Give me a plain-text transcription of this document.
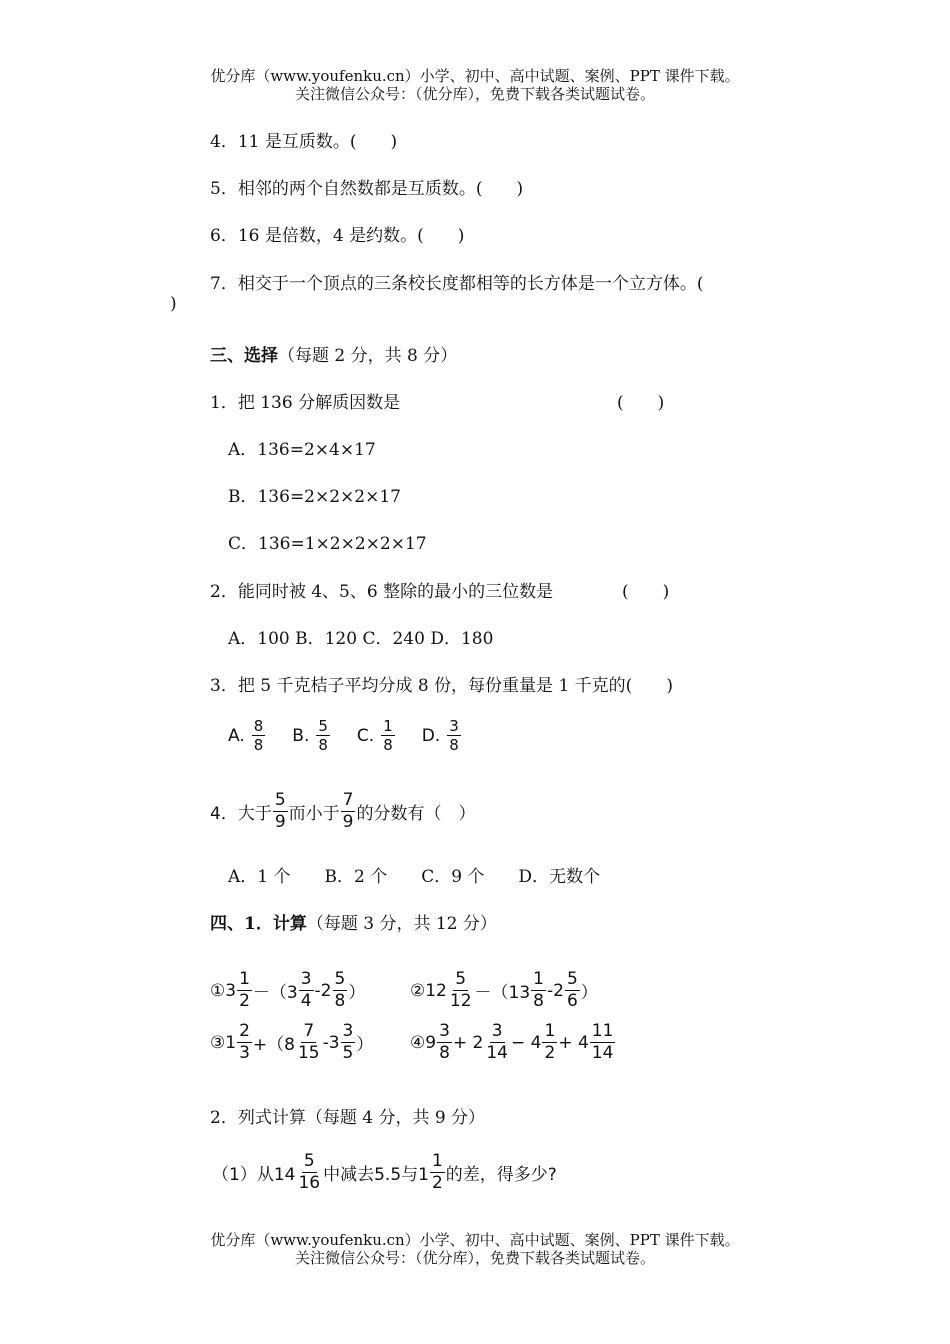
优分库（www.youfenku.cn）小学、初中、高中试题、案例、PPT 课件下载。
关注微信公众号：（优分库），免费下载各类试题试卷。
4．11 是互质数。(　　)
5．相邻的两个自然数都是互质数。(　　)
6．16 是倍数，4 是约数。(　　)
7．相交于一个顶点的三条校长度都相等的长方体是一个立方体。(
)
三、选择（每题 2 分，共 8 分）
1．把 136 分解质因数是	(　　)
A．136=2×4×17
B．136=2×2×2×17
C．136=1×2×2×2×17
2．能同时被 4、5、6 整除的最小的三位数是	(　　)
A．100 B．120 C．240 D．180
3．把 5 千克桔子平均分成 8 份，每份重量是 1 千克的(　　)
A. $\frac{8}{8} B$. $\frac{5}{8} C$. $\frac{1}{8} D$. $\frac{3}{8}$
4．大于 $\frac{5}{9}$ 而小于 $\frac{7}{9}$ 的分数有（　）
A．1 个　　B．2 个　　C．9 个　　D．无数个
四、1．计算（每题 3 分，共 12 分）
①3 $\frac{1}{2} -(3 \frac{3}{4} -2 \frac{5}{8}$ ）	②12 $\frac{5}{12} -(13 \frac{1}{8} -2 \frac{5}{6}$ ）
③1 $\frac{2}{3} +(8 \frac{7}{15} -3 \frac{3}{5}$ ） ④9 $\frac{3}{8} + 2 \frac{3}{14} - 4 \frac{1}{2} + 4 \frac{11}{14}$
2．列式计算（每题 4 分，共 9 分）
（1）从$14 \frac{5}{16}$ 中减去5.5与$1 \frac{1}{2}$ 的差，得多少?
优分库（www.youfenku.cn）小学、初中、高中试题、案例、PPT 课件下载。
关注微信公众号：（优分库），免费下载各类试题试卷。
